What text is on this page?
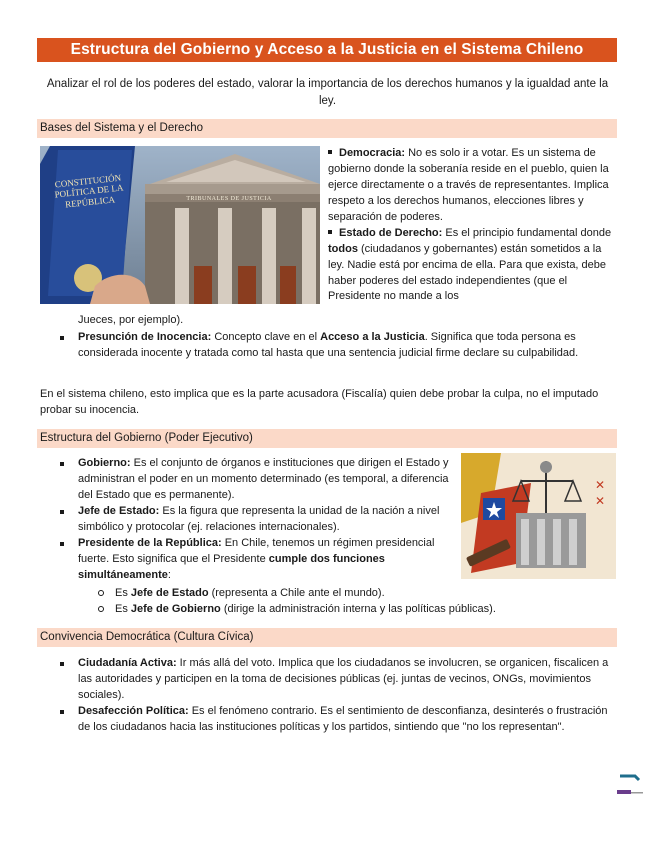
Estructura del Gobierno y Acceso a la Justicia en el Sistema Chileno

Analizar el rol de los poderes del estado, valorar la importancia de los derechos humanos y la igualdad ante la ley.

Bases del Sistema y el Derecho
CONSTITUCIÓN POLÍTICA DE LA REPÚBLICA	TRIBUNALES DE JUSTICIA
Democracia: No es solo ir a votar. Es un sistema de gobierno donde la soberanía reside en el pueblo, quien la ejerce directamente o a través de representantes. Implica respeto a los derechos humanos, elecciones libres y separación de poderes.
Estado de Derecho: Es el principio fundamental donde todos (ciudadanos y gobernantes) están sometidos a la ley. Nadie está por encima de ella. Para que exista, debe haber poderes del estado independientes (que el Presidente no mande a los

Jueces, por ejemplo).

Presunción de Inocencia: Concepto clave en el Acceso a la Justicia. Significa que toda persona es considerada inocente y tratada como tal hasta que una sentencia judicial firme declare su culpabilidad.

En el sistema chileno, esto implica que es la parte acusadora (Fiscalía) quien debe probar la culpa, no el imputado probar su inocencia.

Estructura del Gobierno (Poder Ejecutivo)
Gobierno: Es el conjunto de órganos e instituciones que dirigen el Estado y administran el poder en un momento determinado (es temporal, a diferencia del Estado que es permanente).
Jefe de Estado: Es la figura que representa la unidad de la nación a nivel simbólico y protocolar (ej. relaciones internacionales).
Presidente de la República: En Chile, tenemos un régimen presidencial fuerte. Esto significa que el Presidente cumple dos funciones simultáneamente:
Es Jefe de Estado (representa a Chile ante el mundo).
Es Jefe de Gobierno (dirige la administración interna y las políticas públicas).
✕
✕
Convivencia Democrática (Cultura Cívica)
Ciudadanía Activa: Ir más allá del voto. Implica que los ciudadanos se involucren, se organicen, fiscalicen a las autoridades y participen en la toma de decisiones públicas (ej. juntas de vecinos, ONGs, movimientos sociales).
Desafección Política: Es el fenómeno contrario. Es el sentimiento de desconfianza, desinterés o frustración de los ciudadanos hacia las instituciones políticas y los partidos, sintiendo que "no los representan".
